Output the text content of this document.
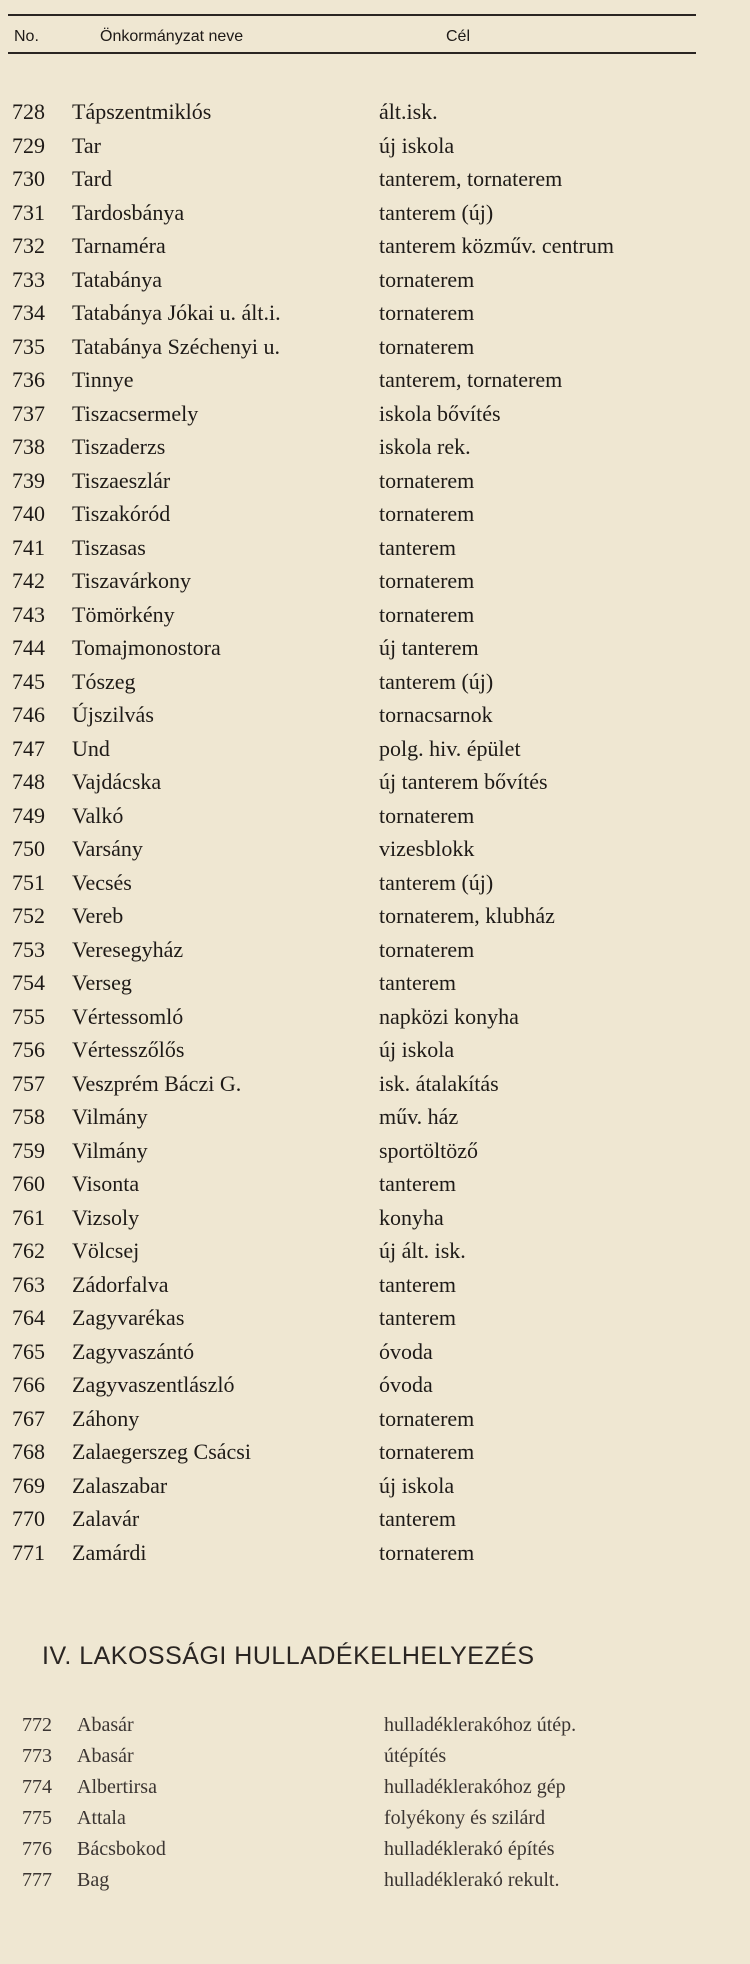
No.	Önkormányzat neve	Cél
728 Tápszentmiklós	ált.isk.
729 Tar	új iskola
730 Tard	tanterem, tornaterem
731 Tardosbánya	tanterem (új)
732 Tarnaméra	tanterem közműv. centrum
733 Tatabánya	tornaterem
734 Tatabánya Jókai u. ált.i.	tornaterem
735 Tatabánya Széchenyi u.	tornaterem
736 Tinnye	tanterem, tornaterem
737 Tiszacsermely	iskola bővítés
738 Tiszaderzs	iskola rek.
739 Tiszaeszlár	tornaterem
740 Tiszakóród	tornaterem
741 Tiszasas	tanterem
742 Tiszavárkony	tornaterem
743 Tömörkény	tornaterem
744 Tomajmonostora	új tanterem
745 Tószeg	tanterem (új)
746 Újszilvás	tornacsarnok
747 Und	polg. hiv. épület
748 Vajdácska	új tanterem bővítés
749 Valkó	tornaterem
750 Varsány	vizesblokk
751 Vecsés	tanterem (új)
752 Vereb	tornaterem, klubház
753 Veresegyház	tornaterem
754 Verseg	tanterem
755 Vértessomló	napközi konyha
756 Vértesszőlős	új iskola
757 Veszprém Báczi G.	isk. átalakítás
758 Vilmány	műv. ház
759 Vilmány	sportöltöző
760 Visonta	tanterem
761 Vizsoly	konyha
762 Völcsej	új ált. isk.
763 Zádorfalva	tanterem
764 Zagyvarékas	tanterem
765 Zagyvaszántó	óvoda
766 Zagyvaszentlászló	óvoda
767 Záhony	tornaterem
768 Zalaegerszeg Csácsi	tornaterem
769 Zalaszabar	új iskola
770 Zalavár	tanterem
771 Zamárdi	tornaterem
IV. LAKOSSÁGI HULLADÉKELHELYEZÉS
772 Abasár	hulladéklerakóhoz útép.
773 Abasár	útépítés
774 Albertirsa	hulladéklerakóhoz gép
775 Attala	folyékony és szilárd
776 Bácsbokod	hulladéklerakó építés
777 Bag	hulladéklerakó rekult.
